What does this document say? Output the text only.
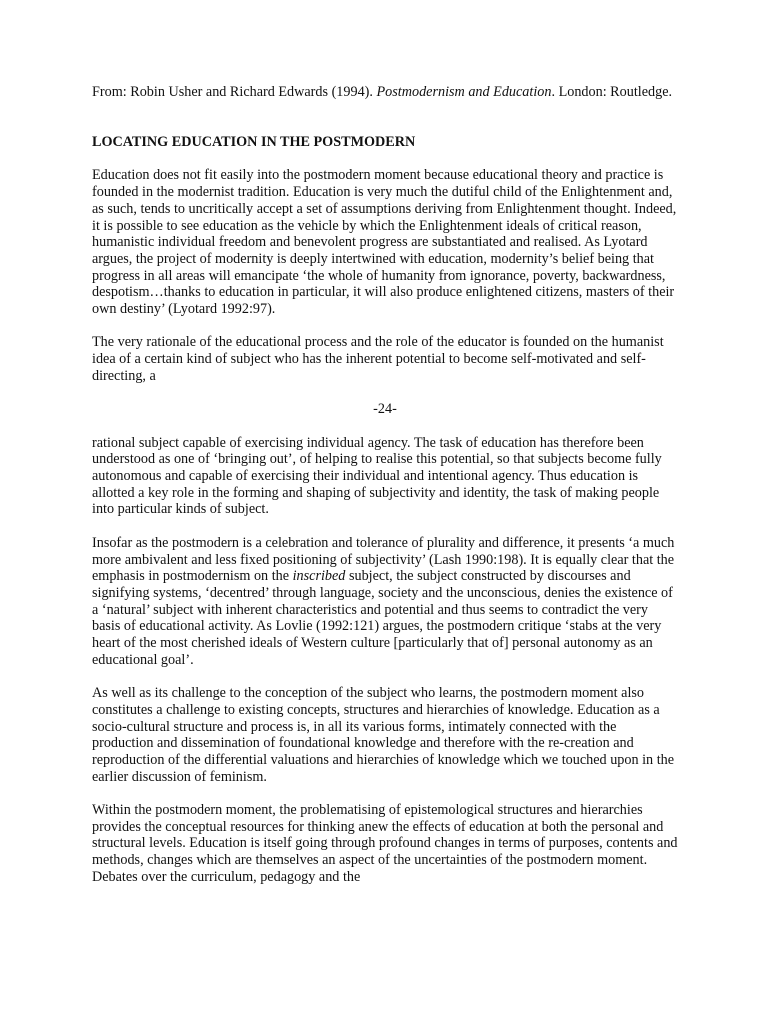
From: Robin Usher and Richard Edwards (1994). Postmodernism and Education. London: Routledge.

LOCATING EDUCATION IN THE POSTMODERN

Education does not fit easily into the postmodern moment because educational theory and practice is founded in the modernist tradition. Education is very much the dutiful child of the Enlightenment and, as such, tends to uncritically accept a set of assumptions deriving from Enlightenment thought. Indeed, it is possible to see education as the vehicle by which the Enlightenment ideals of critical reason, humanistic individual freedom and benevolent progress are substantiated and realised. As Lyotard argues, the project of modernity is deeply intertwined with education, modernity’s belief being that progress in all areas will emancipate ‘the whole of humanity from ignorance, poverty, backwardness, despotism…thanks to education in particular, it will also produce enlightened citizens, masters of their own destiny’ (Lyotard 1992:97).

The very rationale of the educational process and the role of the educator is founded on the humanist idea of a certain kind of subject who has the inherent potential to become self-motivated and self-directing, a

-24-

rational subject capable of exercising individual agency. The task of education has therefore been understood as one of ‘bringing out’, of helping to realise this potential, so that subjects become fully autonomous and capable of exercising their individual and intentional agency. Thus education is allotted a key role in the forming and shaping of subjectivity and identity, the task of making people into particular kinds of subject.

Insofar as the postmodern is a celebration and tolerance of plurality and difference, it presents ‘a much more ambivalent and less fixed positioning of subjectivity’ (Lash 1990:198). It is equally clear that the emphasis in postmodernism on the inscribed subject, the subject constructed by discourses and signifying systems, ‘decentred’ through language, society and the unconscious, denies the existence of a ‘natural’ subject with inherent characteristics and potential and thus seems to contradict the very basis of educational activity. As Lovlie (1992:121) argues, the postmodern critique ‘stabs at the very heart of the most cherished ideals of Western culture [particularly that of] personal autonomy as an educational goal’.

As well as its challenge to the conception of the subject who learns, the postmodern moment also constitutes a challenge to existing concepts, structures and hierarchies of knowledge. Education as a socio-cultural structure and process is, in all its various forms, intimately connected with the production and dissemination of foundational knowledge and therefore with the re-creation and reproduction of the differential valuations and hierarchies of knowledge which we touched upon in the earlier discussion of feminism.

Within the postmodern moment, the problematising of epistemological structures and hierarchies provides the conceptual resources for thinking anew the effects of education at both the personal and structural levels. Education is itself going through profound changes in terms of purposes, contents and methods, changes which are themselves an aspect of the uncertainties of the postmodern moment. Debates over the curriculum, pedagogy and the
